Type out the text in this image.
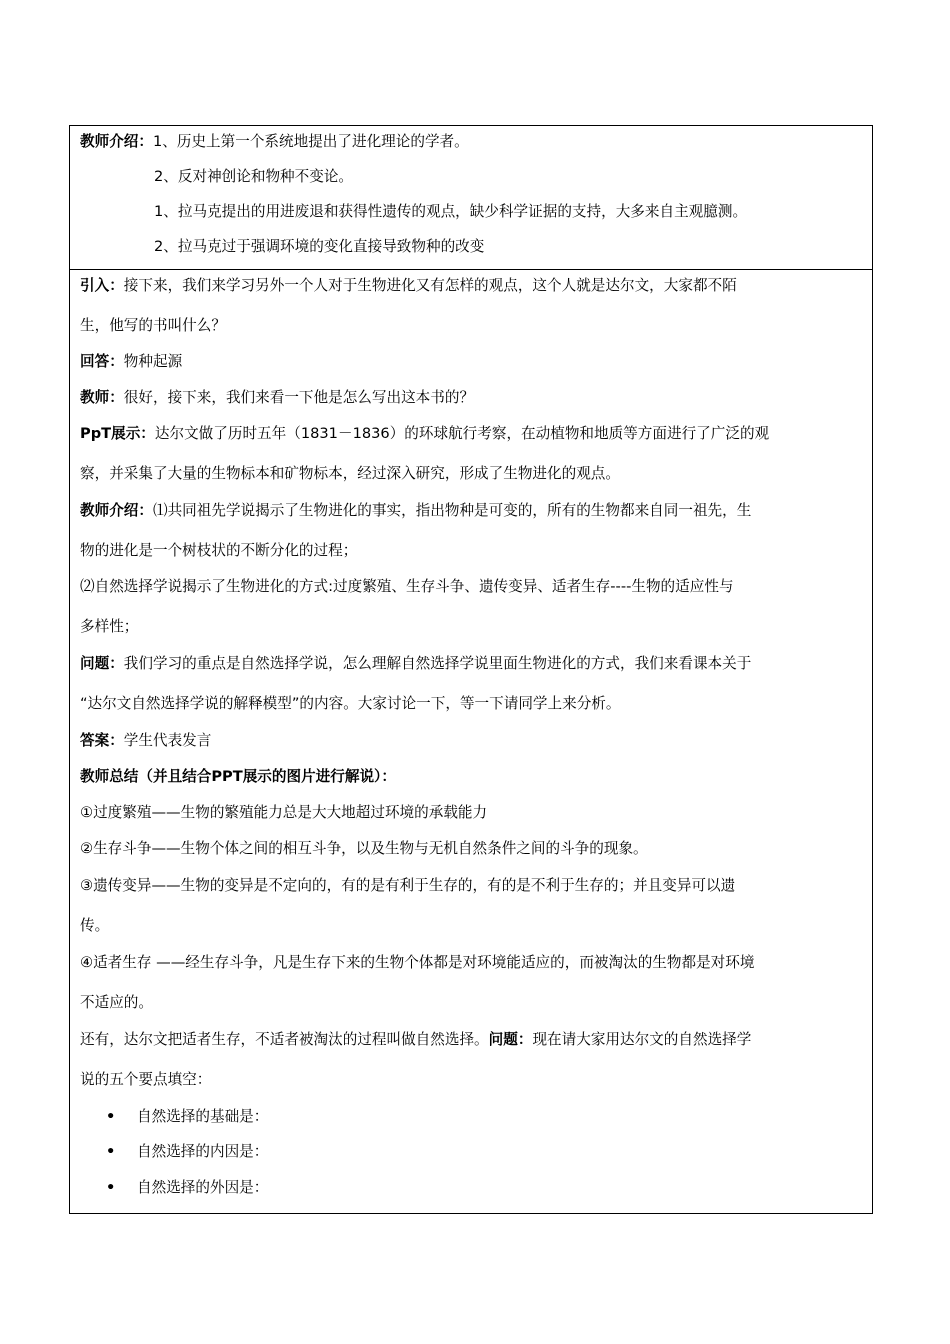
教师介绍：1、历史上第一个系统地提出了进化理论的学者。
2、反对神创论和物种不变论。
1、拉马克提出的用进废退和获得性遗传的观点，缺少科学证据的支持，大多来自主观臆测。
2、拉马克过于强调环境的变化直接导致物种的改变
引入：接下来，我们来学习另外一个人对于生物进化又有怎样的观点，这个人就是达尔文，大家都不陌
生，他写的书叫什么？
回答：物种起源
教师：很好，接下来，我们来看一下他是怎么写出这本书的？
PpT展示：达尔文做了历时五年（1831－1836）的环球航行考察，在动植物和地质等方面进行了广泛的观
察，并采集了大量的生物标本和矿物标本，经过深入研究，形成了生物进化的观点。
教师介绍：⑴共同祖先学说揭示了生物进化的事实，指出物种是可变的，所有的生物都来自同一祖先，生
物的进化是一个树枝状的不断分化的过程；
⑵自然选择学说揭示了生物进化的方式:过度繁殖、生存斗争、遗传变异、适者生存----生物的适应性与
多样性；
问题：我们学习的重点是自然选择学说，怎么理解自然选择学说里面生物进化的方式，我们来看课本关于
“达尔文自然选择学说的解释模型”的内容。大家讨论一下，等一下请同学上来分析。
答案：学生代表发言
教师总结（并且结合PPT展示的图片进行解说）：
①过度繁殖——生物的繁殖能力总是大大地超过环境的承载能力
②生存斗争——生物个体之间的相互斗争，以及生物与无机自然条件之间的斗争的现象。
③遗传变异——生物的变异是不定向的，有的是有利于生存的，有的是不利于生存的；并且变异可以遗
传。
④适者生存 ——经生存斗争，凡是生存下来的生物个体都是对环境能适应的，而被淘汰的生物都是对环境
不适应的。
还有，达尔文把适者生存，不适者被淘汰的过程叫做自然选择。问题：现在请大家用达尔文的自然选择学
说的五个要点填空：
• 自然选择的基础是：
• 自然选择的内因是：
• 自然选择的外因是：
